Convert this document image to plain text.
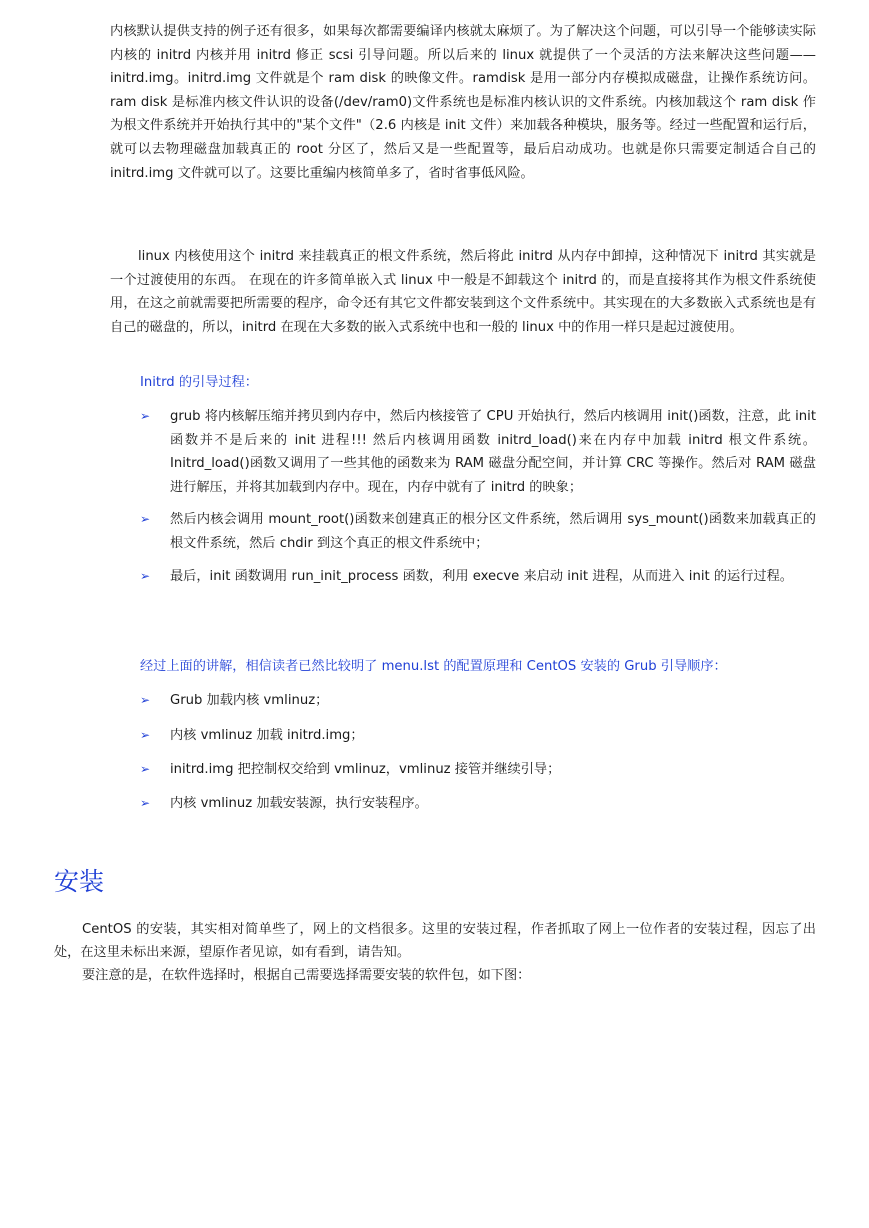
内核默认提供支持的例子还有很多，如果每次都需要编译内核就太麻烦了。为了解决这个问题，可以引导一个能够读实际内核的 initrd 内核并用 initrd 修正 scsi 引导问题。所以后来的 linux 就提供了一个灵活的方法来解决这些问题——initrd.img。initrd.img 文件就是个 ram disk 的映像文件。ramdisk 是用一部分内存模拟成磁盘，让操作系统访问。ram disk 是标准内核文件认识的设备(/dev/ram0)文件系统也是标准内核认识的文件系统。内核加载这个 ram disk 作为根文件系统并开始执行其中的"某个文件"（2.6 内核是 init 文件）来加载各种模块，服务等。经过一些配置和运行后，就可以去物理磁盘加载真正的 root 分区了，然后又是一些配置等，最后启动成功。也就是你只需要定制适合自己的 initrd.img 文件就可以了。这要比重编内核简单多了，省时省事低风险。

linux 内核使用这个 initrd 来挂载真正的根文件系统，然后将此 initrd 从内存中卸掉，这种情况下 initrd 其实就是一个过渡使用的东西。 在现在的许多简单嵌入式 linux 中一般是不卸载这个 initrd 的，而是直接将其作为根文件系统使用，在这之前就需要把所需要的程序，命令还有其它文件都安装到这个文件系统中。其实现在的大多数嵌入式系统也是有自己的磁盘的，所以，initrd 在现在大多数的嵌入式系统中也和一般的 linux 中的作用一样只是起过渡使用。

Initrd 的引导过程：

➢	grub 将内核解压缩并拷贝到内存中，然后内核接管了 CPU 开始执行，然后内核调用 init()函数，注意，此 init 函数并不是后来的 init 进程!!! 然后内核调用函数 initrd_load()来在内存中加载 initrd 根文件系统。Initrd_load()函数又调用了一些其他的函数来为 RAM 磁盘分配空间，并计算 CRC 等操作。然后对 RAM 磁盘进行解压，并将其加载到内存中。现在，内存中就有了 initrd 的映象；
➢	然后内核会调用 mount_root()函数来创建真正的根分区文件系统，然后调用 sys_mount()函数来加载真正的根文件系统，然后 chdir 到这个真正的根文件系统中；
➢	最后，init 函数调用 run_init_process 函数，利用 execve 来启动 init 进程，从而进入 init 的运行过程。

经过上面的讲解，相信读者已然比较明了 menu.lst 的配置原理和 CentOS 安装的 Grub 引导顺序：

➢	Grub 加载内核 vmlinuz；
➢	内核 vmlinuz 加载 initrd.img；
➢	initrd.img 把控制权交给到 vmlinuz，vmlinuz 接管并继续引导；
➢	内核 vmlinuz 加载安装源，执行安装程序。
安装

CentOS 的安装，其实相对简单些了，网上的文档很多。这里的安装过程，作者抓取了网上一位作者的安装过程，因忘了出处，在这里未标出来源，望原作者见谅，如有看到，请告知。

要注意的是，在软件选择时，根据自己需要选择需要安装的软件包，如下图：
